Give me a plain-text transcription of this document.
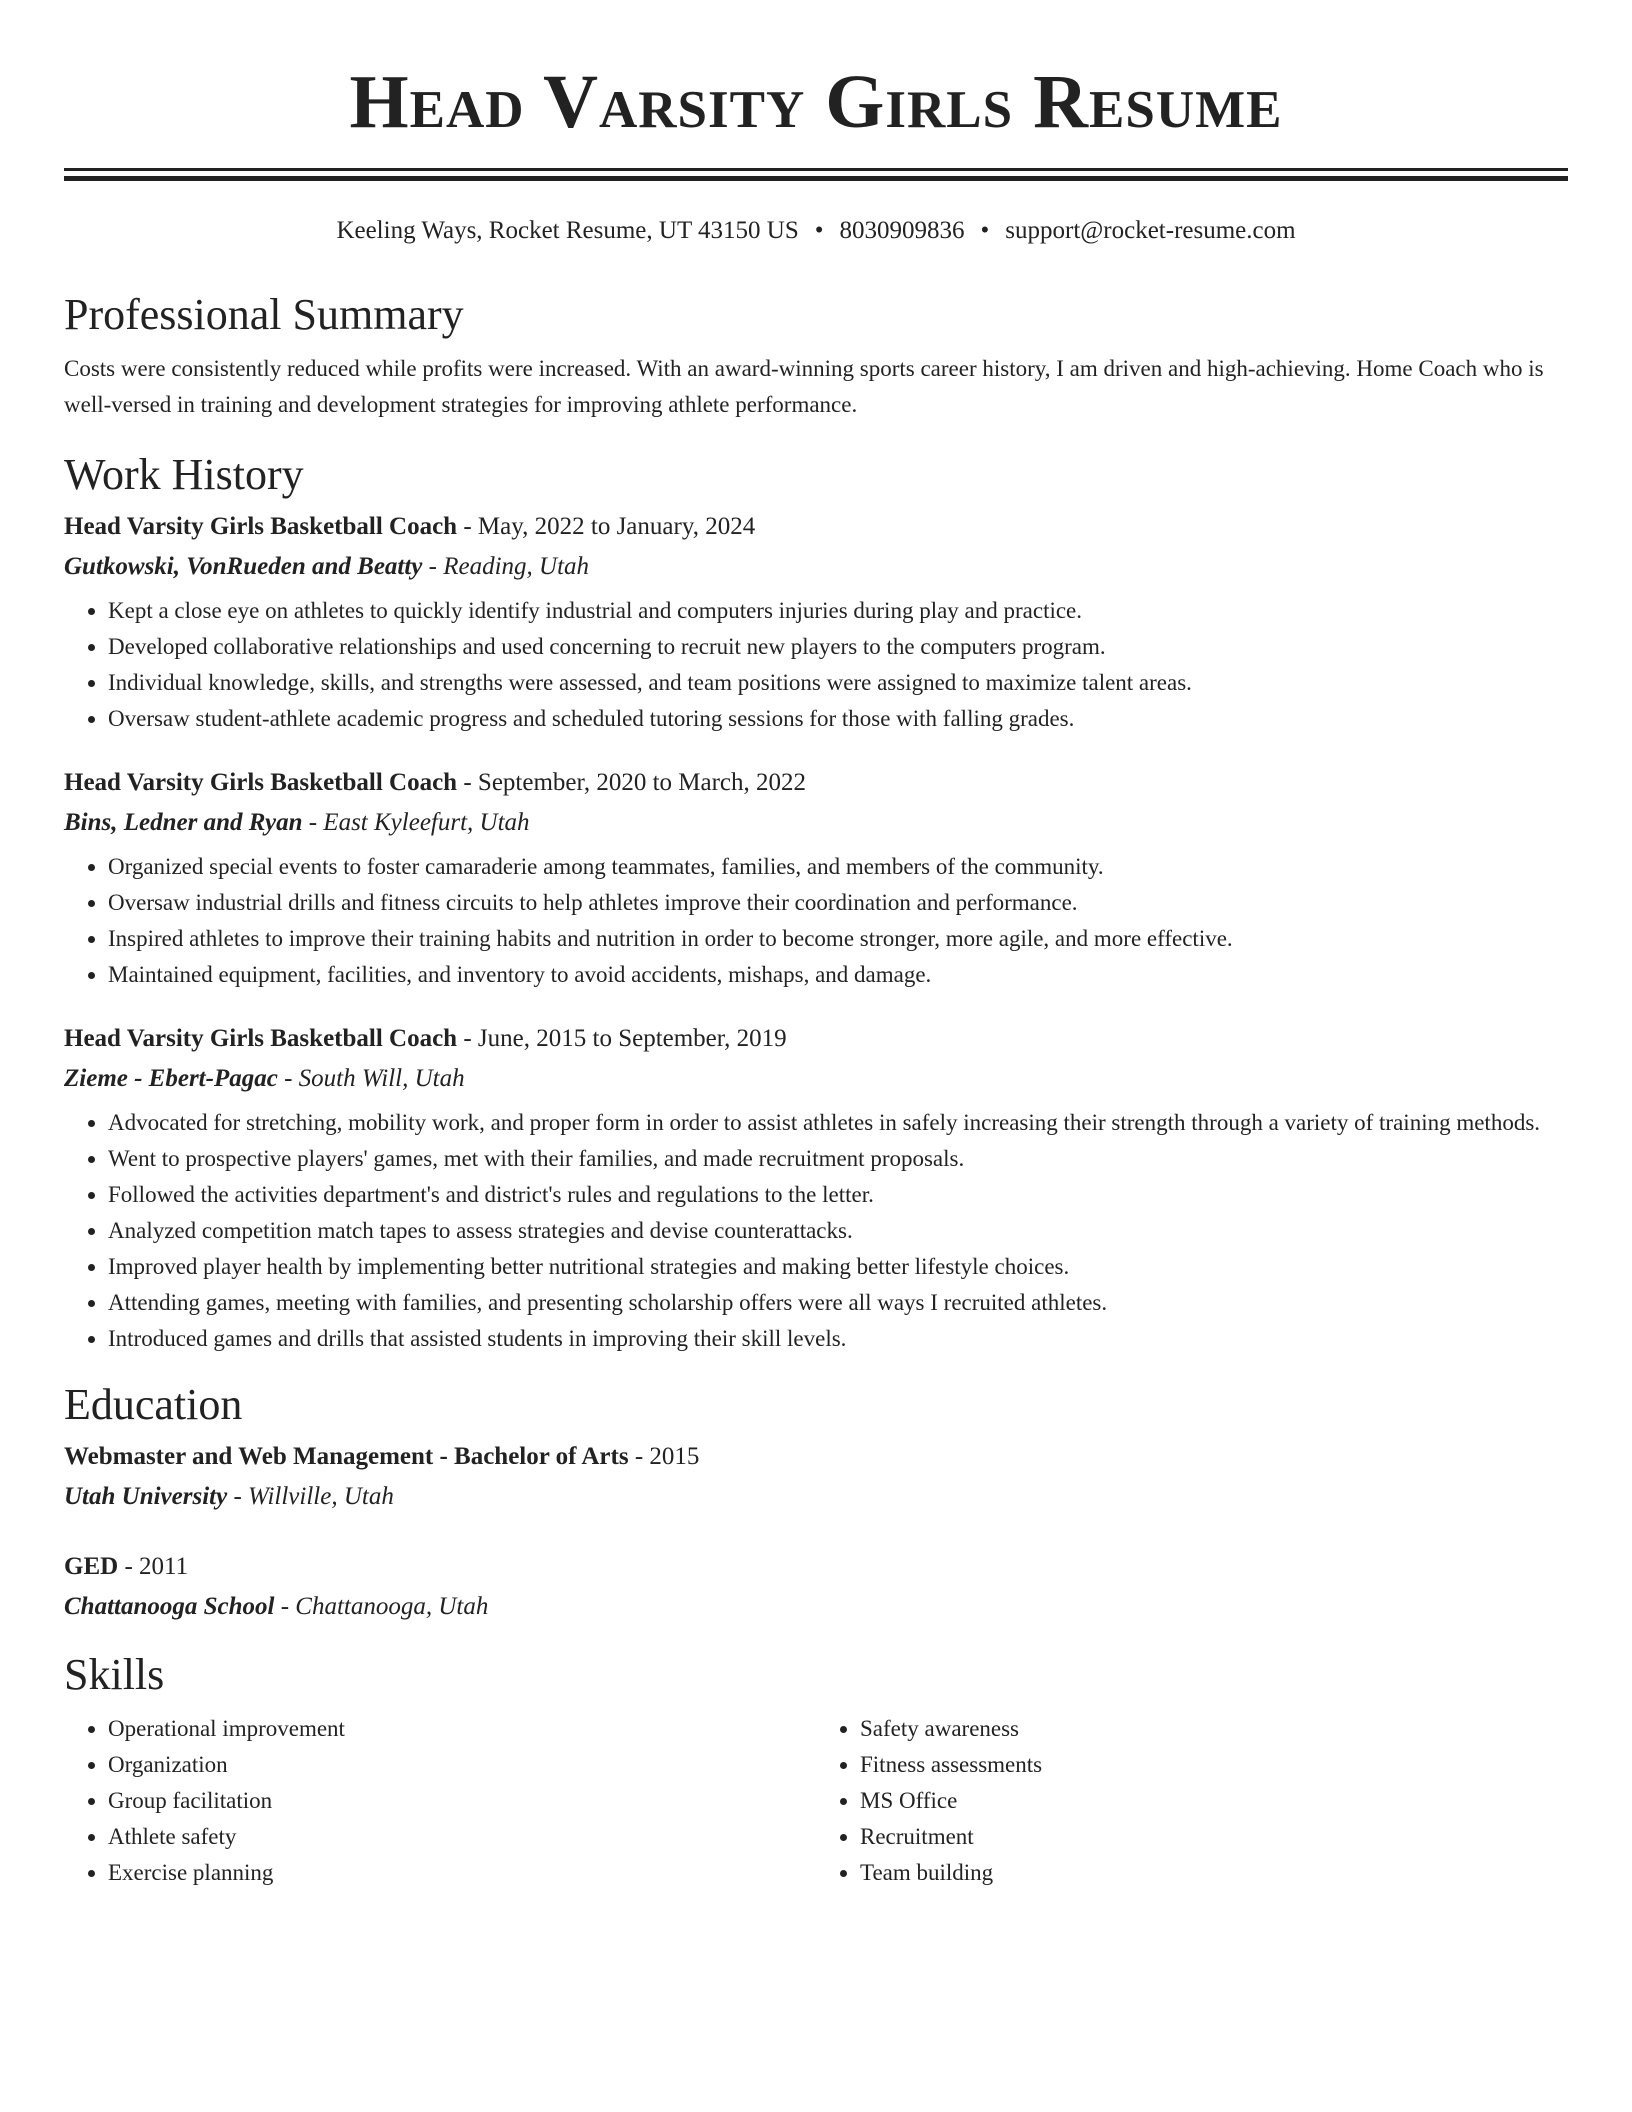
Head Varsity Girls Resume
Keeling Ways, Rocket Resume, UT 43150 US • 8030909836 • support@rocket-resume.com
Professional Summary

Costs were consistently reduced while profits were increased. With an award-winning sports career history, I am driven and high-achieving. Home Coach who is well-versed in training and development strategies for improving athlete performance.

Work History
Head Varsity Girls Basketball Coach - May, 2022 to January, 2024
Gutkowski, VonRueden and Beatty - Reading, Utah
• Kept a close eye on athletes to quickly identify industrial and computers injuries during play and practice.
• Developed collaborative relationships and used concerning to recruit new players to the computers program.
• Individual knowledge, skills, and strengths were assessed, and team positions were assigned to maximize talent areas.
• Oversaw student-athlete academic progress and scheduled tutoring sessions for those with falling grades.
Head Varsity Girls Basketball Coach - September, 2020 to March, 2022
Bins, Ledner and Ryan - East Kyleefurt, Utah
• Organized special events to foster camaraderie among teammates, families, and members of the community.
• Oversaw industrial drills and fitness circuits to help athletes improve their coordination and performance.
• Inspired athletes to improve their training habits and nutrition in order to become stronger, more agile, and more effective.
• Maintained equipment, facilities, and inventory to avoid accidents, mishaps, and damage.
Head Varsity Girls Basketball Coach - June, 2015 to September, 2019
Zieme - Ebert-Pagac - South Will, Utah
• Advocated for stretching, mobility work, and proper form in order to assist athletes in safely increasing their strength through a variety of training methods.
• Went to prospective players' games, met with their families, and made recruitment proposals.
• Followed the activities department's and district's rules and regulations to the letter.
• Analyzed competition match tapes to assess strategies and devise counterattacks.
• Improved player health by implementing better nutritional strategies and making better lifestyle choices.
• Attending games, meeting with families, and presenting scholarship offers were all ways I recruited athletes.
• Introduced games and drills that assisted students in improving their skill levels.
Education
Webmaster and Web Management - Bachelor of Arts - 2015
Utah University - Willville, Utah
GED - 2011
Chattanooga School - Chattanooga, Utah
Skills
• Operational improvement
• Organization
• Group facilitation
• Athlete safety
• Exercise planning
• Safety awareness
• Fitness assessments
• MS Office
• Recruitment
• Team building
